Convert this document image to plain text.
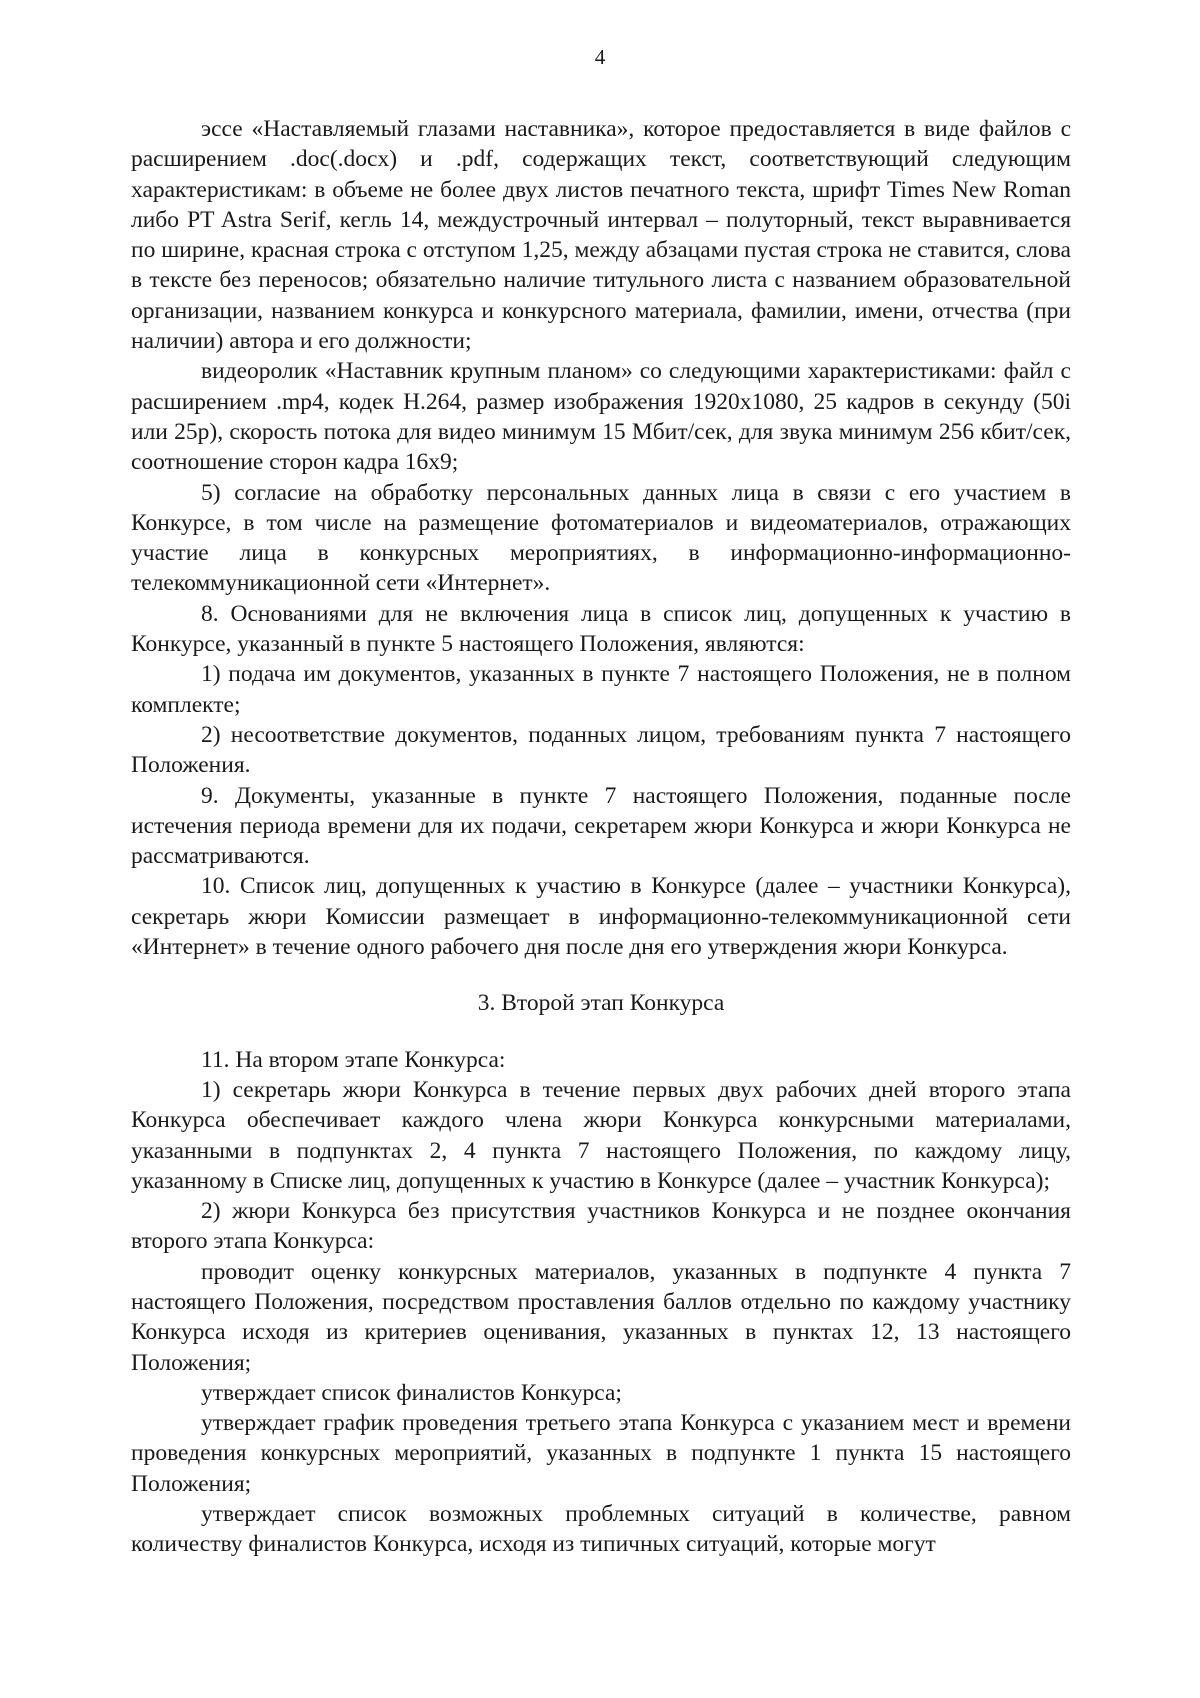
4

эссе «Наставляемый глазами наставника», которое предоставляется в виде файлов с расширением .doc(.docx) и .pdf, содержащих текст, соответствующий следующим характеристикам: в объеме не более двух листов печатного текста, шрифт Times New Roman либо PT Astra Serif, кегль 14, междустрочный интервал – полуторный, текст выравнивается по ширине, красная строка с отступом 1,25, между абзацами пустая строка не ставится, слова в тексте без переносов; обязательно наличие титульного листа с названием образовательной организации, названием конкурса и конкурсного материала, фамилии, имени, отчества (при наличии) автора и его должности;

видеоролик «Наставник крупным планом» со следующими характеристиками: файл с расширением .mp4, кодек H.264, размер изображения 1920x1080, 25 кадров в секунду (50i или 25p), скорость потока для видео минимум 15 Мбит/сек, для звука минимум 256 кбит/сек, соотношение сторон кадра 16x9;

5) согласие на обработку персональных данных лица в связи с его участием в Конкурсе, в том числе на размещение фотоматериалов и видеоматериалов, отражающих участие лица в конкурсных мероприятиях, в информационно-информационно-телекоммуникационной сети «Интернет».

8. Основаниями для не включения лица в список лиц, допущенных к участию в Конкурсе, указанный в пункте 5 настоящего Положения, являются:

1) подача им документов, указанных в пункте 7 настоящего Положения, не в полном комплекте;

2) несоответствие документов, поданных лицом, требованиям пункта 7 настоящего Положения.

9. Документы, указанные в пункте 7 настоящего Положения, поданные после истечения периода времени для их подачи, секретарем жюри Конкурса и жюри Конкурса не рассматриваются.

10. Список лиц, допущенных к участию в Конкурсе (далее – участники Конкурса), секретарь жюри Комиссии размещает в информационно-телекоммуникационной сети «Интернет» в течение одного рабочего дня после дня его утверждения жюри Конкурса.

3. Второй этап Конкурса

11. На втором этапе Конкурса:

1) секретарь жюри Конкурса в течение первых двух рабочих дней второго этапа Конкурса обеспечивает каждого члена жюри Конкурса конкурсными материалами, указанными в подпунктах 2, 4 пункта 7 настоящего Положения, по каждому лицу, указанному в Списке лиц, допущенных к участию в Конкурсе (далее – участник Конкурса);

2) жюри Конкурса без присутствия участников Конкурса и не позднее окончания второго этапа Конкурса:

проводит оценку конкурсных материалов, указанных в подпункте 4 пункта 7 настоящего Положения, посредством проставления баллов отдельно по каждому участнику Конкурса исходя из критериев оценивания, указанных в пунктах 12, 13 настоящего Положения;

утверждает список финалистов Конкурса;

утверждает график проведения третьего этапа Конкурса с указанием мест и времени проведения конкурсных мероприятий, указанных в подпункте 1 пункта 15 настоящего Положения;

утверждает список возможных проблемных ситуаций в количестве, равном количеству финалистов Конкурса, исходя из типичных ситуаций, которые могут
